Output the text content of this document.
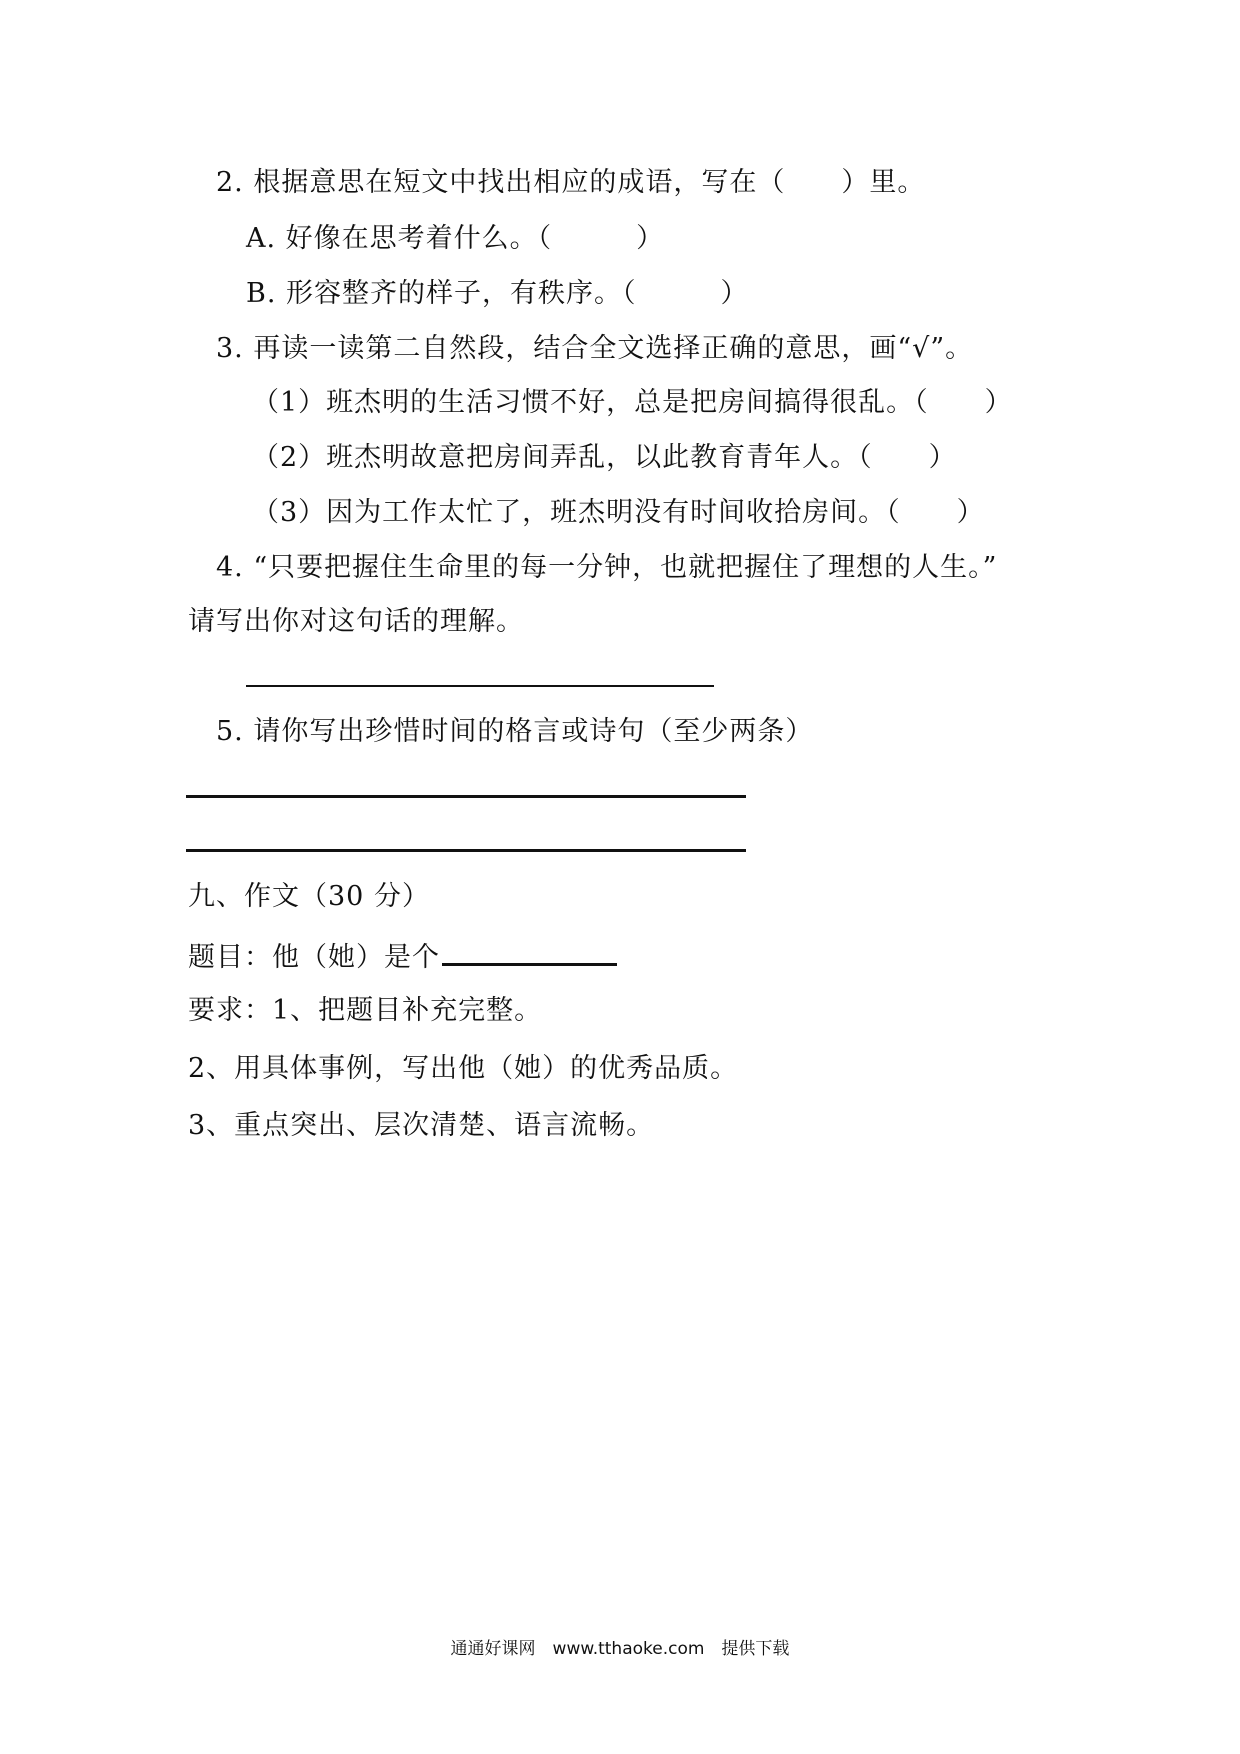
2. 根据意思在短文中找出相应的成语，写在（　　）里。
A. 好像在思考着什么。（　　　）
B. 形容整齐的样子，有秩序。（　　　）
3. 再读一读第二自然段，结合全文选择正确的意思，画“√”。
（1）班杰明的生活习惯不好，总是把房间搞得很乱。（　　）
（2）班杰明故意把房间弄乱，以此教育青年人。（　　）
（3）因为工作太忙了，班杰明没有时间收拾房间。（　　）
4. “只要把握住生命里的每一分钟，也就把握住了理想的人生。”
请写出你对这句话的理解。
5. 请你写出珍惜时间的格言或诗句（至少两条）
九、作文（30 分）
题目：他（她）是个
要求：1、把题目补充完整。
2、用具体事例，写出他（她）的优秀品质。
3、重点突出、层次清楚、语言流畅。
通通好课网　www.tthaoke.com　提供下载
